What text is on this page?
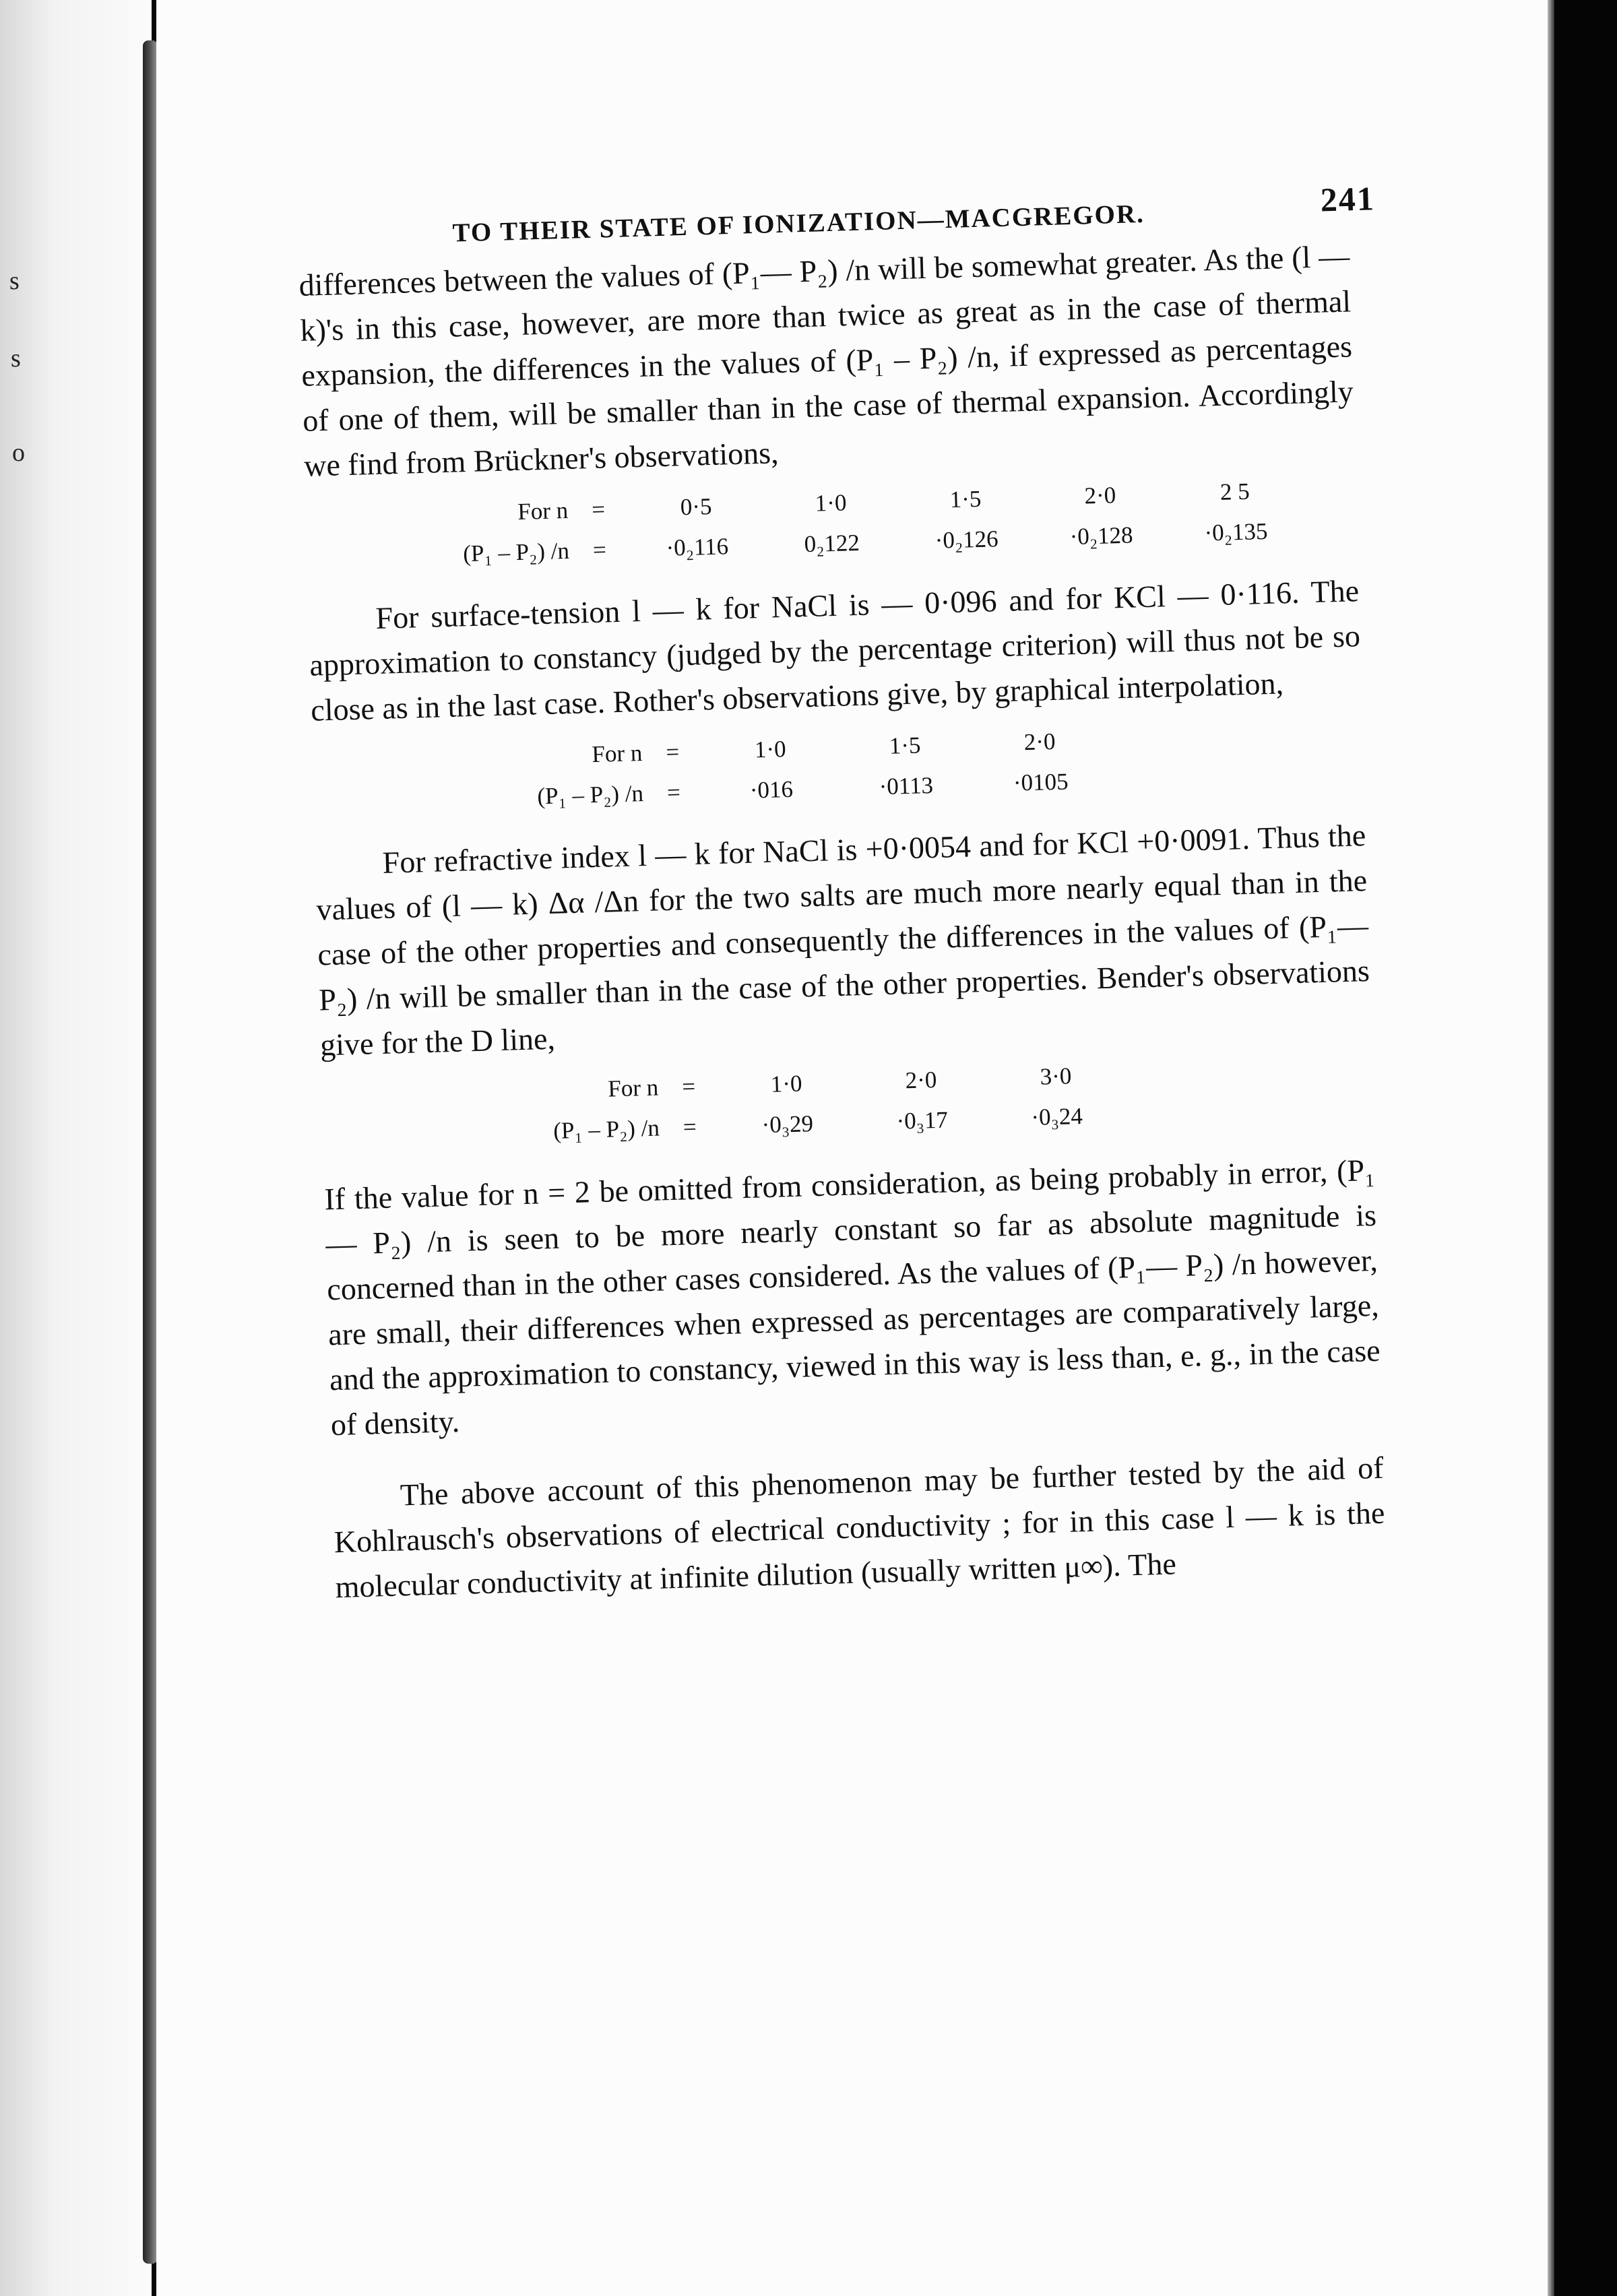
s
s
o
TO THEIR STATE OF IONIZATION—MACGREGOR.
241

differences between the values of (P₁— P₂) /n will be somewhat greater. As the (l — k)'s in this case, however, are more than twice as great as in the case of thermal expansion, the differences in the values of (P₁ – P₂) /n, if expressed as percentages of one of them, will be smaller than in the case of thermal expansion. Accordingly we find from Brückner's observations,

For n	=	0·5	1·0	1·5	2·0	2 5
(P₁ – P₂) /n	=	·0₂116	0₂122	·0₂126	·0₂128	·0₂135

For surface-tension l — k for NaCl is — 0·096 and for KCl — 0·116. The approximation to constancy (judged by the percentage criterion) will thus not be so close as in the last case. Rother's observations give, by graphical interpolation,

For n	=	1·0	1·5	2·0
(P₁ – P₂) /n	=	·016	·0113	·0105

For refractive index l — k for NaCl is +0·0054 and for KCl +0·0091. Thus the values of (l — k) Δα /Δn for the two salts are much more nearly equal than in the case of the other properties and consequently the differences in the values of (P₁— P₂) /n will be smaller than in the case of the other properties. Bender's observations give for the D line,

For n	=	1·0	2·0	3·0
(P₁ – P₂) /n	=	·0₃29	·0₃17	·0₃24

If the value for n = 2 be omitted from consideration, as being probably in error, (P₁— P₂) /n is seen to be more nearly constant so far as absolute magnitude is concerned than in the other cases considered. As the values of (P₁— P₂) /n however, are small, their differences when expressed as percentages are comparatively large, and the approximation to constancy, viewed in this way is less than, e. g., in the case of density.

The above account of this phenomenon may be further tested by the aid of Kohlrausch's observations of electrical conductivity ; for in this case l — k is the molecular conductivity at infinite dilution (usually written μ∞). The
